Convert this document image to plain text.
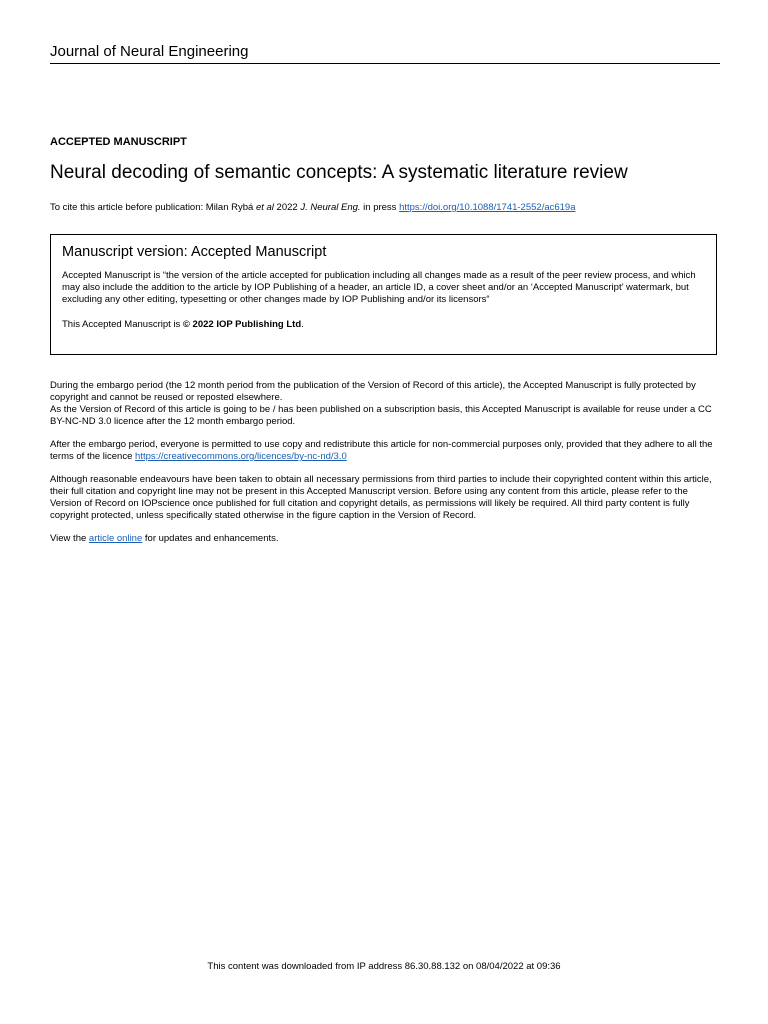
Journal of Neural Engineering
ACCEPTED MANUSCRIPT
Neural decoding of semantic concepts: A systematic literature review
To cite this article before publication: Milan Rybá et al 2022 J. Neural Eng. in press https://doi.org/10.1088/1741-2552/ac619a
Manuscript version: Accepted Manuscript

Accepted Manuscript is “the version of the article accepted for publication including all changes made as a result of the peer review process, and which may also include the addition to the article by IOP Publishing of a header, an article ID, a cover sheet and/or an ‘Accepted Manuscript’ watermark, but excluding any other editing, typesetting or other changes made by IOP Publishing and/or its licensors“

This Accepted Manuscript is © 2022 IOP Publishing Ltd.

During the embargo period (the 12 month period from the publication of the Version of Record of this article), the Accepted Manuscript is fully protected by copyright and cannot be reused or reposted elsewhere.

As the Version of Record of this article is going to be / has been published on a subscription basis, this Accepted Manuscript is available for reuse under a CC BY-NC-ND 3.0 licence after the 12 month embargo period.

After the embargo period, everyone is permitted to use copy and redistribute this article for non-commercial purposes only, provided that they adhere to all the terms of the licence https://creativecommons.org/licences/by-nc-nd/3.0

Although reasonable endeavours have been taken to obtain all necessary permissions from third parties to include their copyrighted content within this article, their full citation and copyright line may not be present in this Accepted Manuscript version. Before using any content from this article, please refer to the Version of Record on IOPscience once published for full citation and copyright details, as permissions will likely be required. All third party content is fully copyright protected, unless specifically stated otherwise in the figure caption in the Version of Record.

View the article online for updates and enhancements.

This content was downloaded from IP address 86.30.88.132 on 08/04/2022 at 09:36
